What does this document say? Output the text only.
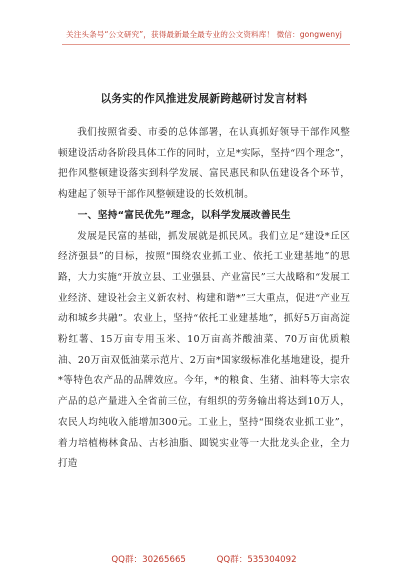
关注头条号“公文研究”，获得最新最全最专业的公文资料库！ 微信：gongwenyj
以务实的作风推进发展新跨越研讨发言材料

我们按照省委、市委的总体部署，在认真抓好领导干部作风整顿建设活动各阶段具体工作的同时，立足*实际，坚持“四个理念”，把作风整顿建设落实到科学发展、富民惠民和队伍建设各个环节，构建起了领导干部作风整顿建设的长效机制。

一、坚持“富民优先”理念，以科学发展改善民生

发展是民富的基础，抓发展就是抓民风。我们立足“建设*丘区经济强县”的目标，按照“围绕农业抓工业、依托工业建基地”的思路，大力实施“开放立县、工业强县、产业富民”三大战略和“发展工业经济、建设社会主义新农村、构建和谐*”三大重点，促进“产业互动和城乡共融”。农业上，坚持“依托工业建基地”，抓好5万亩高淀粉红薯、15万亩专用玉米、10万亩高芥酸油菜、70万亩优质粮油、20万亩双低油菜示范片、2万亩*国家级标准化基地建设，提升*等特色农产品的品牌效应。今年，*的粮食、生猪、油料等大宗农产品的总产量进入全省前三位，有组织的劳务输出将达到10万人，农民人均纯收入能增加300元。工业上，坚持“围绕农业抓工业”，着力培植梅林食品、古杉油脂、圆锐实业等一大批龙头企业，全力打造

QQ群：30265665	QQ群：535304092
